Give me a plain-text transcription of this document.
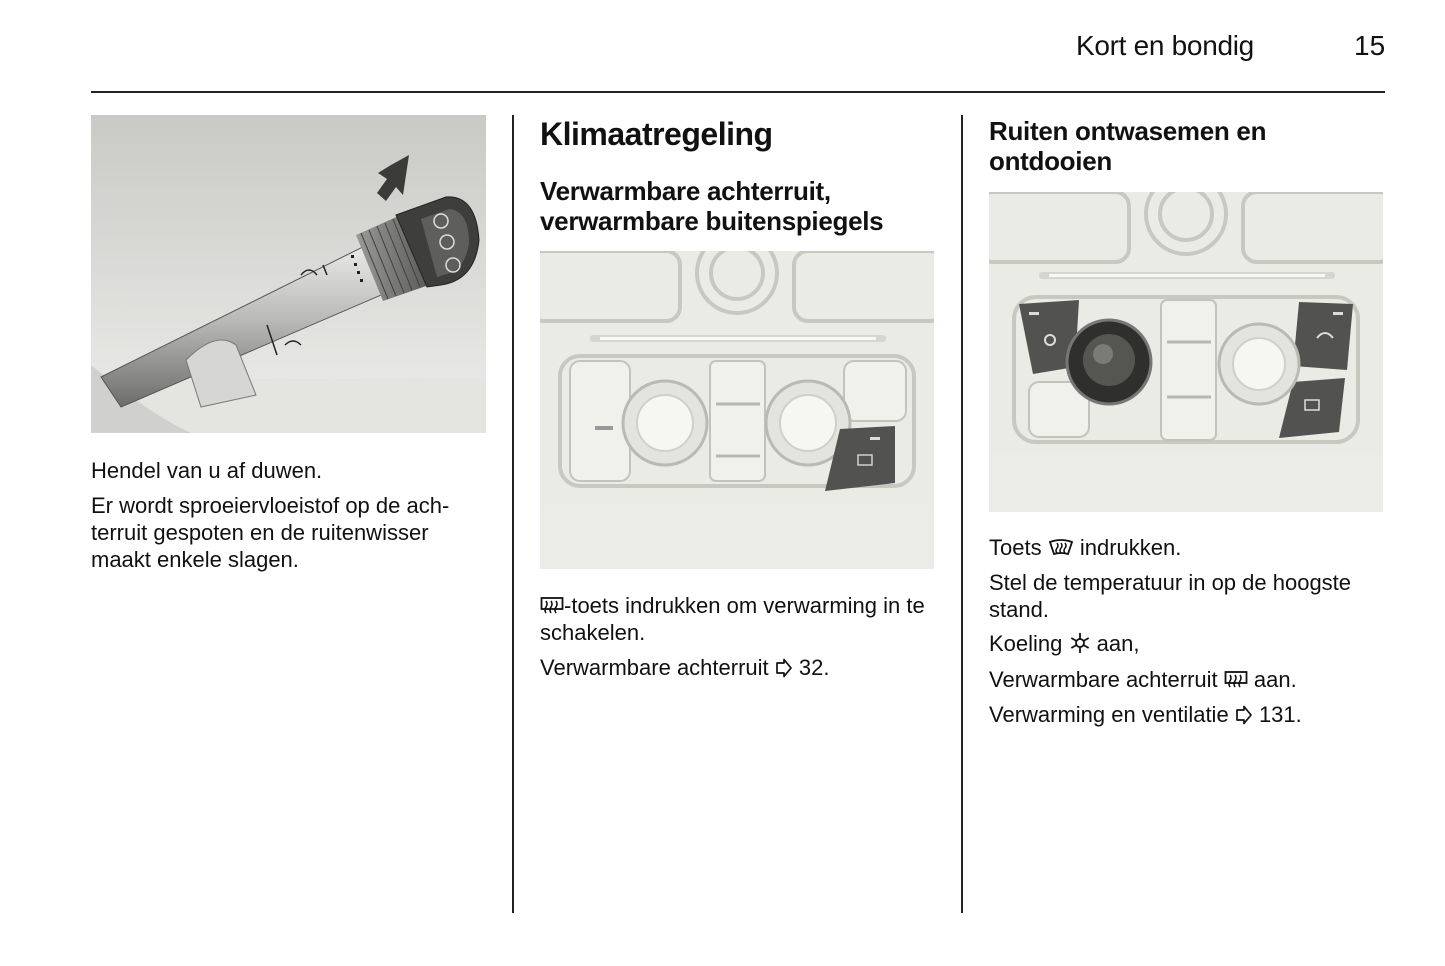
Kort en bondig	15

Hendel van u af duwen.

Er wordt sproeiervloeistof op de ach-terruit gespoten en de ruitenwisser maakt enkele slagen.

Klimaatregeling
Verwarmbare achterruit, verwarmbare buitenspiegels

-toets indrukken om verwarming in te schakelen.

Verwarmbare achterruit 32.

Ruiten ontwasemen en ontdooien

Toets indrukken.

Stel de temperatuur in op de hoogste stand.

Koeling aan,

Verwarmbare achterruit aan.

Verwarming en ventilatie 131.
